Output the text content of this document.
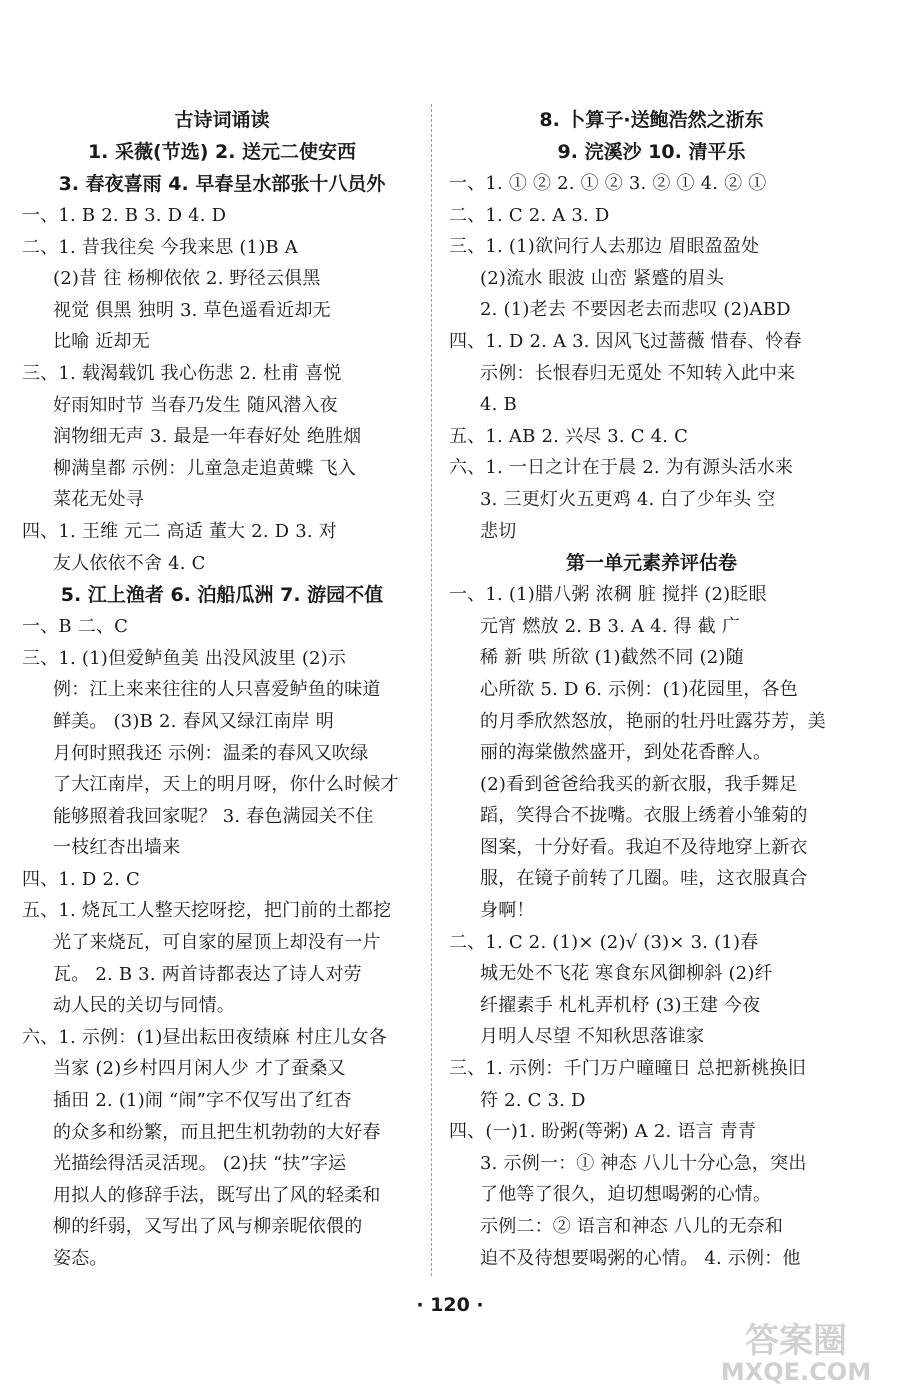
古诗词诵读
1. 采薇(节选) 2. 送元二使安西
3. 春夜喜雨 4. 早春呈水部张十八员外
一、1. B 2. B 3. D 4. D
二、1. 昔我往矣 今我来思 (1)B A
(2)昔 往 杨柳依依 2. 野径云俱黑
视觉 俱黑 独明 3. 草色遥看近却无
比喻 近却无
三、1. 载渴载饥 我心伤悲 2. 杜甫 喜悦
好雨知时节 当春乃发生 随风潜入夜
润物细无声 3. 最是一年春好处 绝胜烟
柳满皇都 示例：儿童急走追黄蝶 飞入
菜花无处寻
四、1. 王维 元二 高适 董大 2. D 3. 对
友人依依不舍 4. C
5. 江上渔者 6. 泊船瓜洲 7. 游园不值
一、B 二、C
三、1. (1)但爱鲈鱼美 出没风波里 (2)示
例：江上来来往往的人只喜爱鲈鱼的味道
鲜美。 (3)B 2. 春风又绿江南岸 明
月何时照我还 示例：温柔的春风又吹绿
了大江南岸，天上的明月呀，你什么时候才
能够照着我回家呢？ 3. 春色满园关不住
一枝红杏出墙来
四、1. D 2. C
五、1. 烧瓦工人整天挖呀挖，把门前的土都挖
光了来烧瓦，可自家的屋顶上却没有一片
瓦。 2. B 3. 两首诗都表达了诗人对劳
动人民的关切与同情。
六、1. 示例：(1)昼出耘田夜绩麻 村庄儿女各
当家 (2)乡村四月闲人少 才了蚕桑又
插田 2. (1)闹 “闹”字不仅写出了红杏
的众多和纷繁，而且把生机勃勃的大好春
光描绘得活灵活现。 (2)扶 “扶”字运
用拟人的修辞手法，既写出了风的轻柔和
柳的纤弱，又写出了风与柳亲昵依偎的
姿态。
8. 卜算子·送鲍浩然之浙东
9. 浣溪沙 10. 清平乐
一、1. ① ② 2. ① ② 3. ② ① 4. ② ①
二、1. C 2. A 3. D
三、1. (1)欲问行人去那边 眉眼盈盈处
(2)流水 眼波 山峦 紧蹙的眉头
2. (1)老去 不要因老去而悲叹 (2)ABD
四、1. D 2. A 3. 因风飞过蔷薇 惜春、怜春
示例：长恨春归无觅处 不知转入此中来
4. B
五、1. AB 2. 兴尽 3. C 4. C
六、1. 一日之计在于晨 2. 为有源头活水来
3. 三更灯火五更鸡 4. 白了少年头 空
悲切
第一单元素养评估卷
一、1. (1)腊八粥 浓稠 脏 搅拌 (2)眨眼
元宵 燃放 2. B 3. A 4. 得 截 广
稀 新 哄 所欲 (1)截然不同 (2)随
心所欲 5. D 6. 示例：(1)花园里，各色
的月季欣然怒放，艳丽的牡丹吐露芬芳，美
丽的海棠傲然盛开，到处花香醉人。
(2)看到爸爸给我买的新衣服，我手舞足
蹈，笑得合不拢嘴。衣服上绣着小雏菊的
图案，十分好看。我迫不及待地穿上新衣
服，在镜子前转了几圈。哇，这衣服真合
身啊！
二、1. C 2. (1)× (2)√ (3)× 3. (1)春
城无处不飞花 寒食东风御柳斜 (2)纤
纤擢素手 札札弄机杼 (3)王建 今夜
月明人尽望 不知秋思落谁家
三、1. 示例：千门万户曈曈日 总把新桃换旧
符 2. C 3. D
四、(一)1. 盼粥(等粥) A 2. 语言 青青
3. 示例一：① 神态 八儿十分心急，突出
了他等了很久，迫切想喝粥的心情。
示例二：② 语言和神态 八儿的无奈和
迫不及待想要喝粥的心情。 4. 示例：他
· 120 ·
答案圈
MXQE.COM
